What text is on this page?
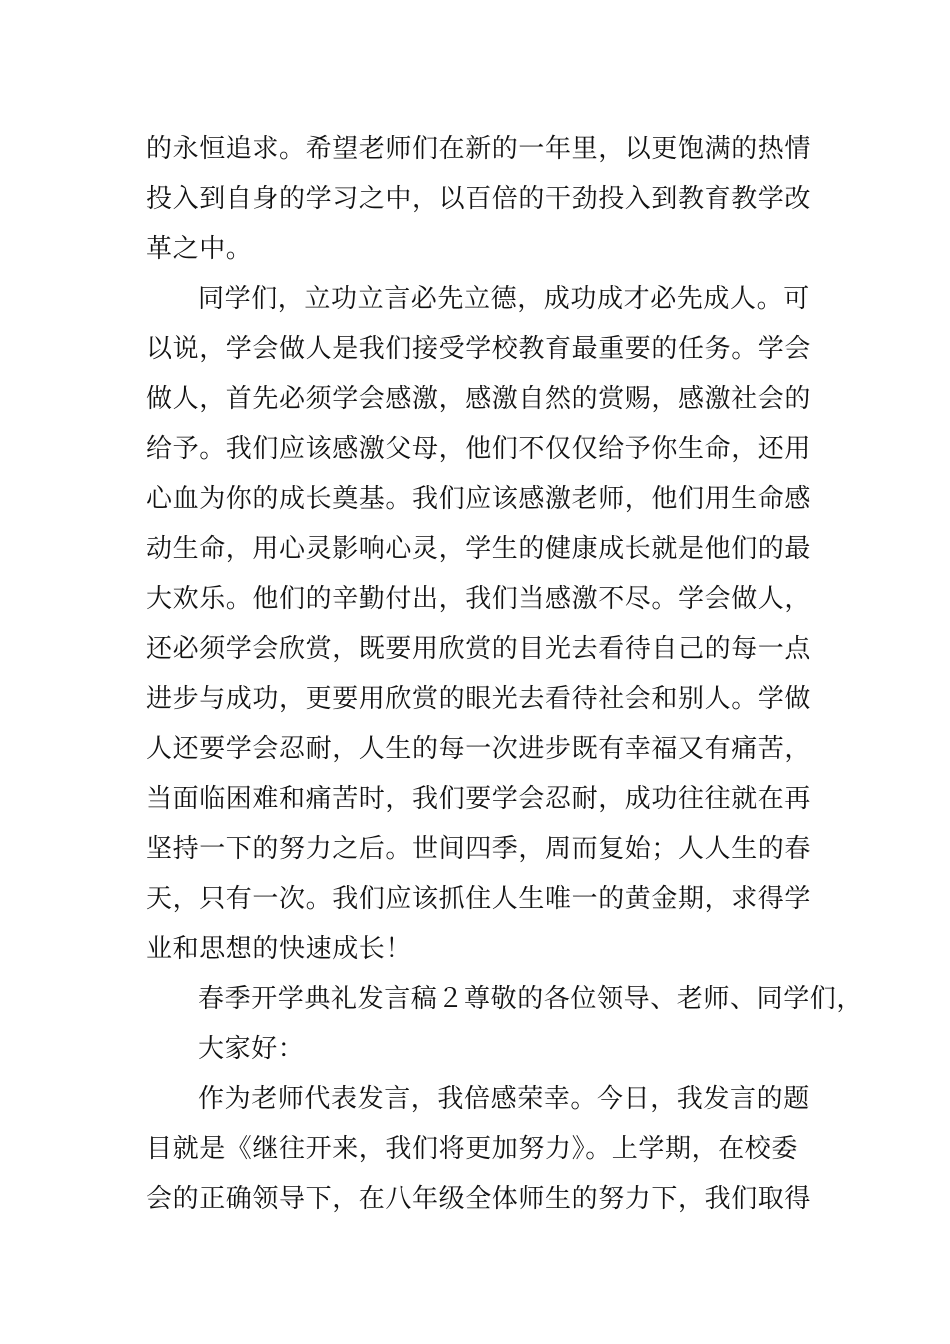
的永恒追求。希望老师们在新的一年里，以更饱满的热情
投入到自身的学习之中，以百倍的干劲投入到教育教学改
革之中。
同学们，立功立言必先立德，成功成才必先成人。可
以说，学会做人是我们接受学校教育最重要的任务。学会
做人，首先必须学会感激，感激自然的赏赐，感激社会的
给予。我们应该感激父母，他们不仅仅给予你生命，还用
心血为你的成长奠基。我们应该感激老师，他们用生命感
动生命，用心灵影响心灵，学生的健康成长就是他们的最
大欢乐。他们的辛勤付出，我们当感激不尽。学会做人，
还必须学会欣赏，既要用欣赏的目光去看待自己的每一点
进步与成功，更要用欣赏的眼光去看待社会和别人。学做
人还要学会忍耐，人生的每一次进步既有幸福又有痛苦，
当面临困难和痛苦时，我们要学会忍耐，成功往往就在再
坚持一下的努力之后。世间四季，周而复始；人人生的春
天，只有一次。我们应该抓住人生唯一的黄金期，求得学
业和思想的快速成长！
春季开学典礼发言稿２尊敬的各位领导、老师、同学们，
大家好：
作为老师代表发言，我倍感荣幸。今日，我发言的题
目就是《继往开来，我们将更加努力》。上学期，在校委
会的正确领导下，在八年级全体师生的努力下，我们取得
